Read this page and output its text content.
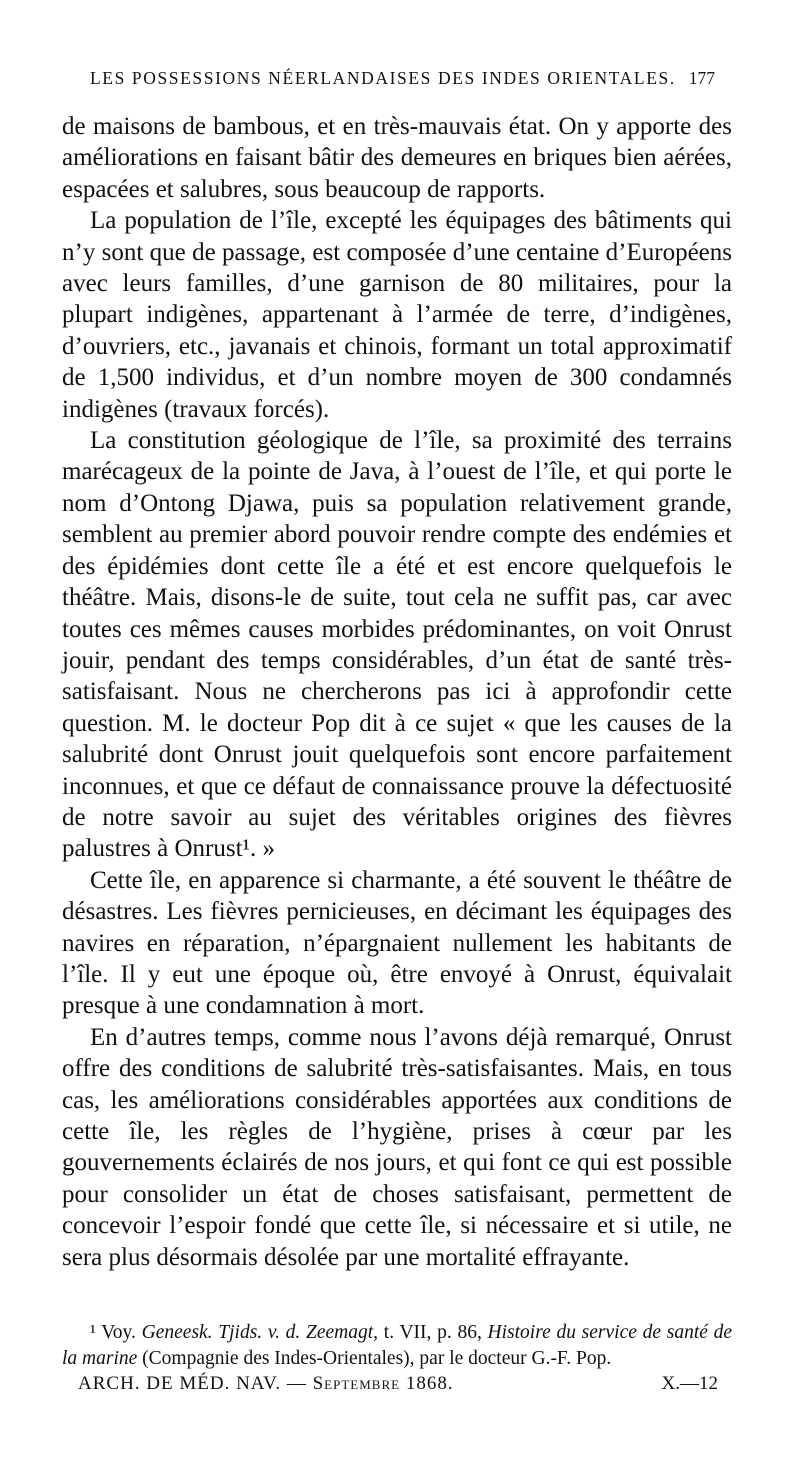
LES POSSESSIONS NÉERLANDAISES DES INDES ORIENTALES. 177

de maisons de bambous, et en très-mauvais état. On y apporte des améliorations en faisant bâtir des demeures en briques bien aérées, espacées et salubres, sous beaucoup de rapports.

La population de l’île, excepté les équipages des bâtiments qui n’y sont que de passage, est composée d’une centaine d’Européens avec leurs familles, d’une garnison de 80 militaires, pour la plupart indigènes, appartenant à l’armée de terre, d’indigènes, d’ouvriers, etc., javanais et chinois, formant un total approximatif de 1,500 individus, et d’un nombre moyen de 300 condamnés indigènes (travaux forcés).

La constitution géologique de l’île, sa proximité des terrains marécageux de la pointe de Java, à l’ouest de l’île, et qui porte le nom d’Ontong Djawa, puis sa population relativement grande, semblent au premier abord pouvoir rendre compte des endémies et des épidémies dont cette île a été et est encore quelquefois le théâtre. Mais, disons-le de suite, tout cela ne suffit pas, car avec toutes ces mêmes causes morbides prédominantes, on voit Onrust jouir, pendant des temps considérables, d’un état de santé très-satisfaisant. Nous ne chercherons pas ici à approfondir cette question. M. le docteur Pop dit à ce sujet « que les causes de la salubrité dont Onrust jouit quelquefois sont encore parfaitement inconnues, et que ce défaut de connaissance prouve la défectuosité de notre savoir au sujet des véritables origines des fièvres palustres à Onrust¹. »

Cette île, en apparence si charmante, a été souvent le théâtre de désastres. Les fièvres pernicieuses, en décimant les équipages des navires en réparation, n’épargnaient nullement les habitants de l’île. Il y eut une époque où, être envoyé à Onrust, équivalait presque à une condamnation à mort.

En d’autres temps, comme nous l’avons déjà remarqué, Onrust offre des conditions de salubrité très-satisfaisantes. Mais, en tous cas, les améliorations considérables apportées aux conditions de cette île, les règles de l’hygiène, prises à cœur par les gouvernements éclairés de nos jours, et qui font ce qui est possible pour consolider un état de choses satisfaisant, permettent de concevoir l’espoir fondé que cette île, si nécessaire et si utile, ne sera plus désormais désolée par une mortalité effrayante.

¹ Voy. Geneesk. Tjids. v. d. Zeemagt, t. VII, p. 86, Histoire du service de santé de la marine (Compagnie des Indes-Orientales), par le docteur G.-F. Pop.
ARCH. DE MÉD. NAV. — Septembre 1868.	X.—12
